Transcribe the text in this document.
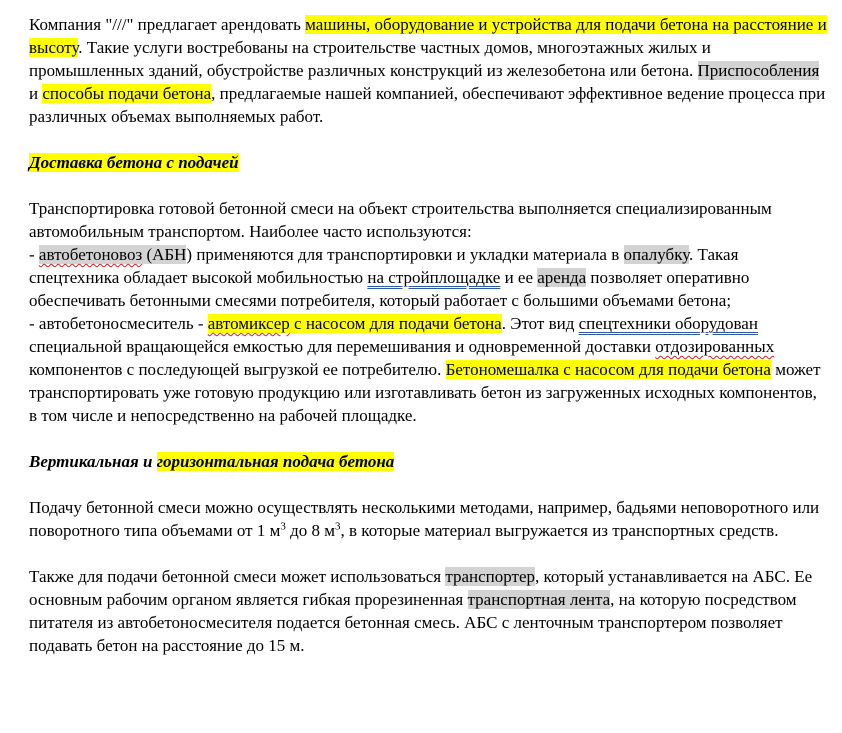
Компания "///" предлагает арендовать машины, оборудование и устройства для подачи бетона на расстояние и высоту. Такие услуги востребованы на строительстве частных домов, многоэтажных жилых и промышленных зданий, обустройстве различных конструкций из железобетона или бетона. Приспособления и способы подачи бетона, предлагаемые нашей компанией, обеспечивают эффективное ведение процесса при различных объемах выполняемых работ.

Доставка бетона с подачей

Транспортировка готовой бетонной смеси на объект строительства выполняется специализированным автомобильным транспортом. Наиболее часто используются:
- автобетоновоз (АБН) применяются для транспортировки и укладки материала в опалубку. Такая спецтехника обладает высокой мобильностью на стройплощадке и ее аренда позволяет оперативно обеспечивать бетонными смесями потребителя, который работает с большими объемами бетона;
- автобетоносмеситель - автомиксер с насосом для подачи бетона. Этот вид спецтехники оборудован специальной вращающейся емкостью для перемешивания и одновременной доставки отдозированных компонентов с последующей выгрузкой ее потребителю. Бетономешалка с насосом для подачи бетона может транспортировать уже готовую продукцию или изготавливать бетон из загруженных исходных компонентов, в том числе и непосредственно на рабочей площадке.

Вертикальная и горизонтальная подача бетона

Подачу бетонной смеси можно осуществлять несколькими методами, например, бадьями неповоротного или поворотного типа объемами от 1 $м^3$ до 8 $м^3$, в которые материал выгружается из транспортных средств.

Также для подачи бетонной смеси может использоваться транспортер, который устанавливается на АБС. Ее основным рабочим органом является гибкая прорезиненная транспортная лента, на которую посредством питателя из автобетоносмесителя подается бетонная смесь. АБС с ленточным транспортером позволяет подавать бетон на расстояние до 15 м.
